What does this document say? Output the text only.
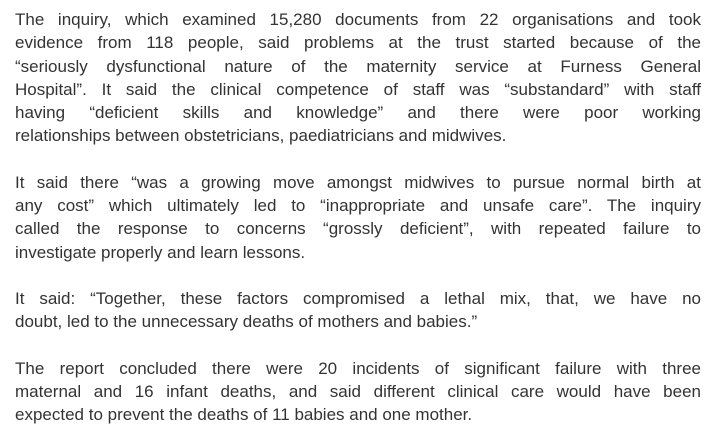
The inquiry, which examined 15,280 documents from 22 organisations and took
evidence from 118 people, said problems at the trust started because of the
“seriously dysfunctional nature of the maternity service at Furness General
Hospital”. It said the clinical competence of staff was “substandard” with staff
having “deficient skills and knowledge” and there were poor working
relationships between obstetricians, paediatricians and midwives.
It said there “was a growing move amongst midwives to pursue normal birth at
any cost” which ultimately led to “inappropriate and unsafe care”. The inquiry
called the response to concerns “grossly deficient”, with repeated failure to
investigate properly and learn lessons.
It said: “Together, these factors compromised a lethal mix, that, we have no
doubt, led to the unnecessary deaths of mothers and babies.”
The report concluded there were 20 incidents of significant failure with three
maternal and 16 infant deaths, and said different clinical care would have been
expected to prevent the deaths of 11 babies and one mother.
